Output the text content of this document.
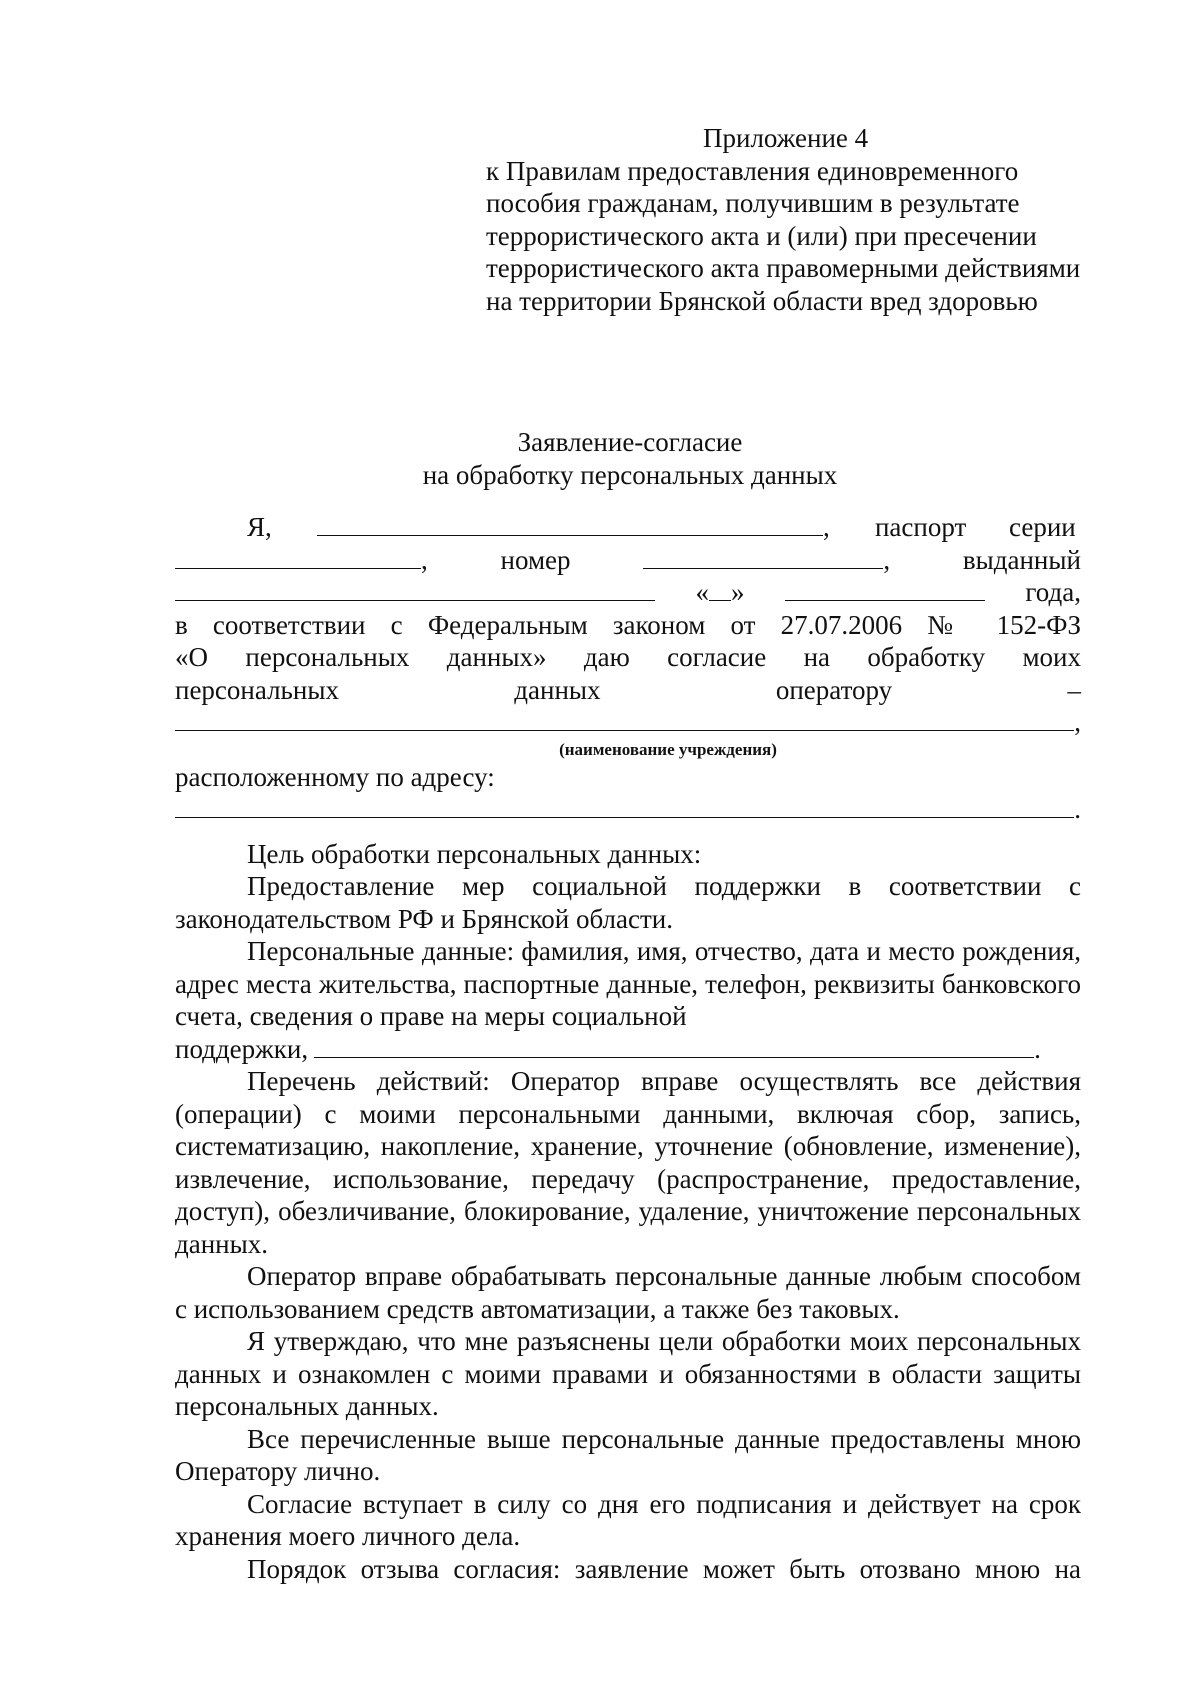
Приложение 4
к Правилам предоставления единовременного
пособия гражданам, получившим в результате
террористического акта и (или) при пресечении
террористического акта правомерными действиями
на территории Брянской области вред здоровью
Заявление-согласие
на обработку персональных данных
Я,	, паспорт серии
,	номер	,	выданный
« »	года,
в соответствии с Федеральным законом от 27.07.2006 № 152-ФЗ
«О персональных данных» даю согласие на обработку моих
персональных	данных	оператору	–
,
(наименование учреждения)
расположенному по адресу:
.

Цель обработки персональных данных:

Предоставление мер социальной поддержки в соответствии с законодательством РФ и Брянской области.

Персональные данные: фамилия, имя, отчество, дата и место рождения, адрес места жительства, паспортные данные, телефон, реквизиты банковского счета, сведения о праве на меры социальной

поддержки,	.

Перечень действий: Оператор вправе осуществлять все действия (операции) с моими персональными данными, включая сбор, запись, систематизацию, накопление, хранение, уточнение (обновление, изменение), извлечение, использование, передачу (распространение, предоставление, доступ), обезличивание, блокирование, удаление, уничтожение персональных данных.

Оператор вправе обрабатывать персональные данные любым способом с использованием средств автоматизации, а также без таковых.

Я утверждаю, что мне разъяснены цели обработки моих персональных данных и ознакомлен с моими правами и обязанностями в области защиты персональных данных.

Все перечисленные выше персональные данные предоставлены мною Оператору лично.

Согласие вступает в силу со дня его подписания и действует на срок хранения моего личного дела.

Порядок отзыва согласия: заявление может быть отозвано мною на
